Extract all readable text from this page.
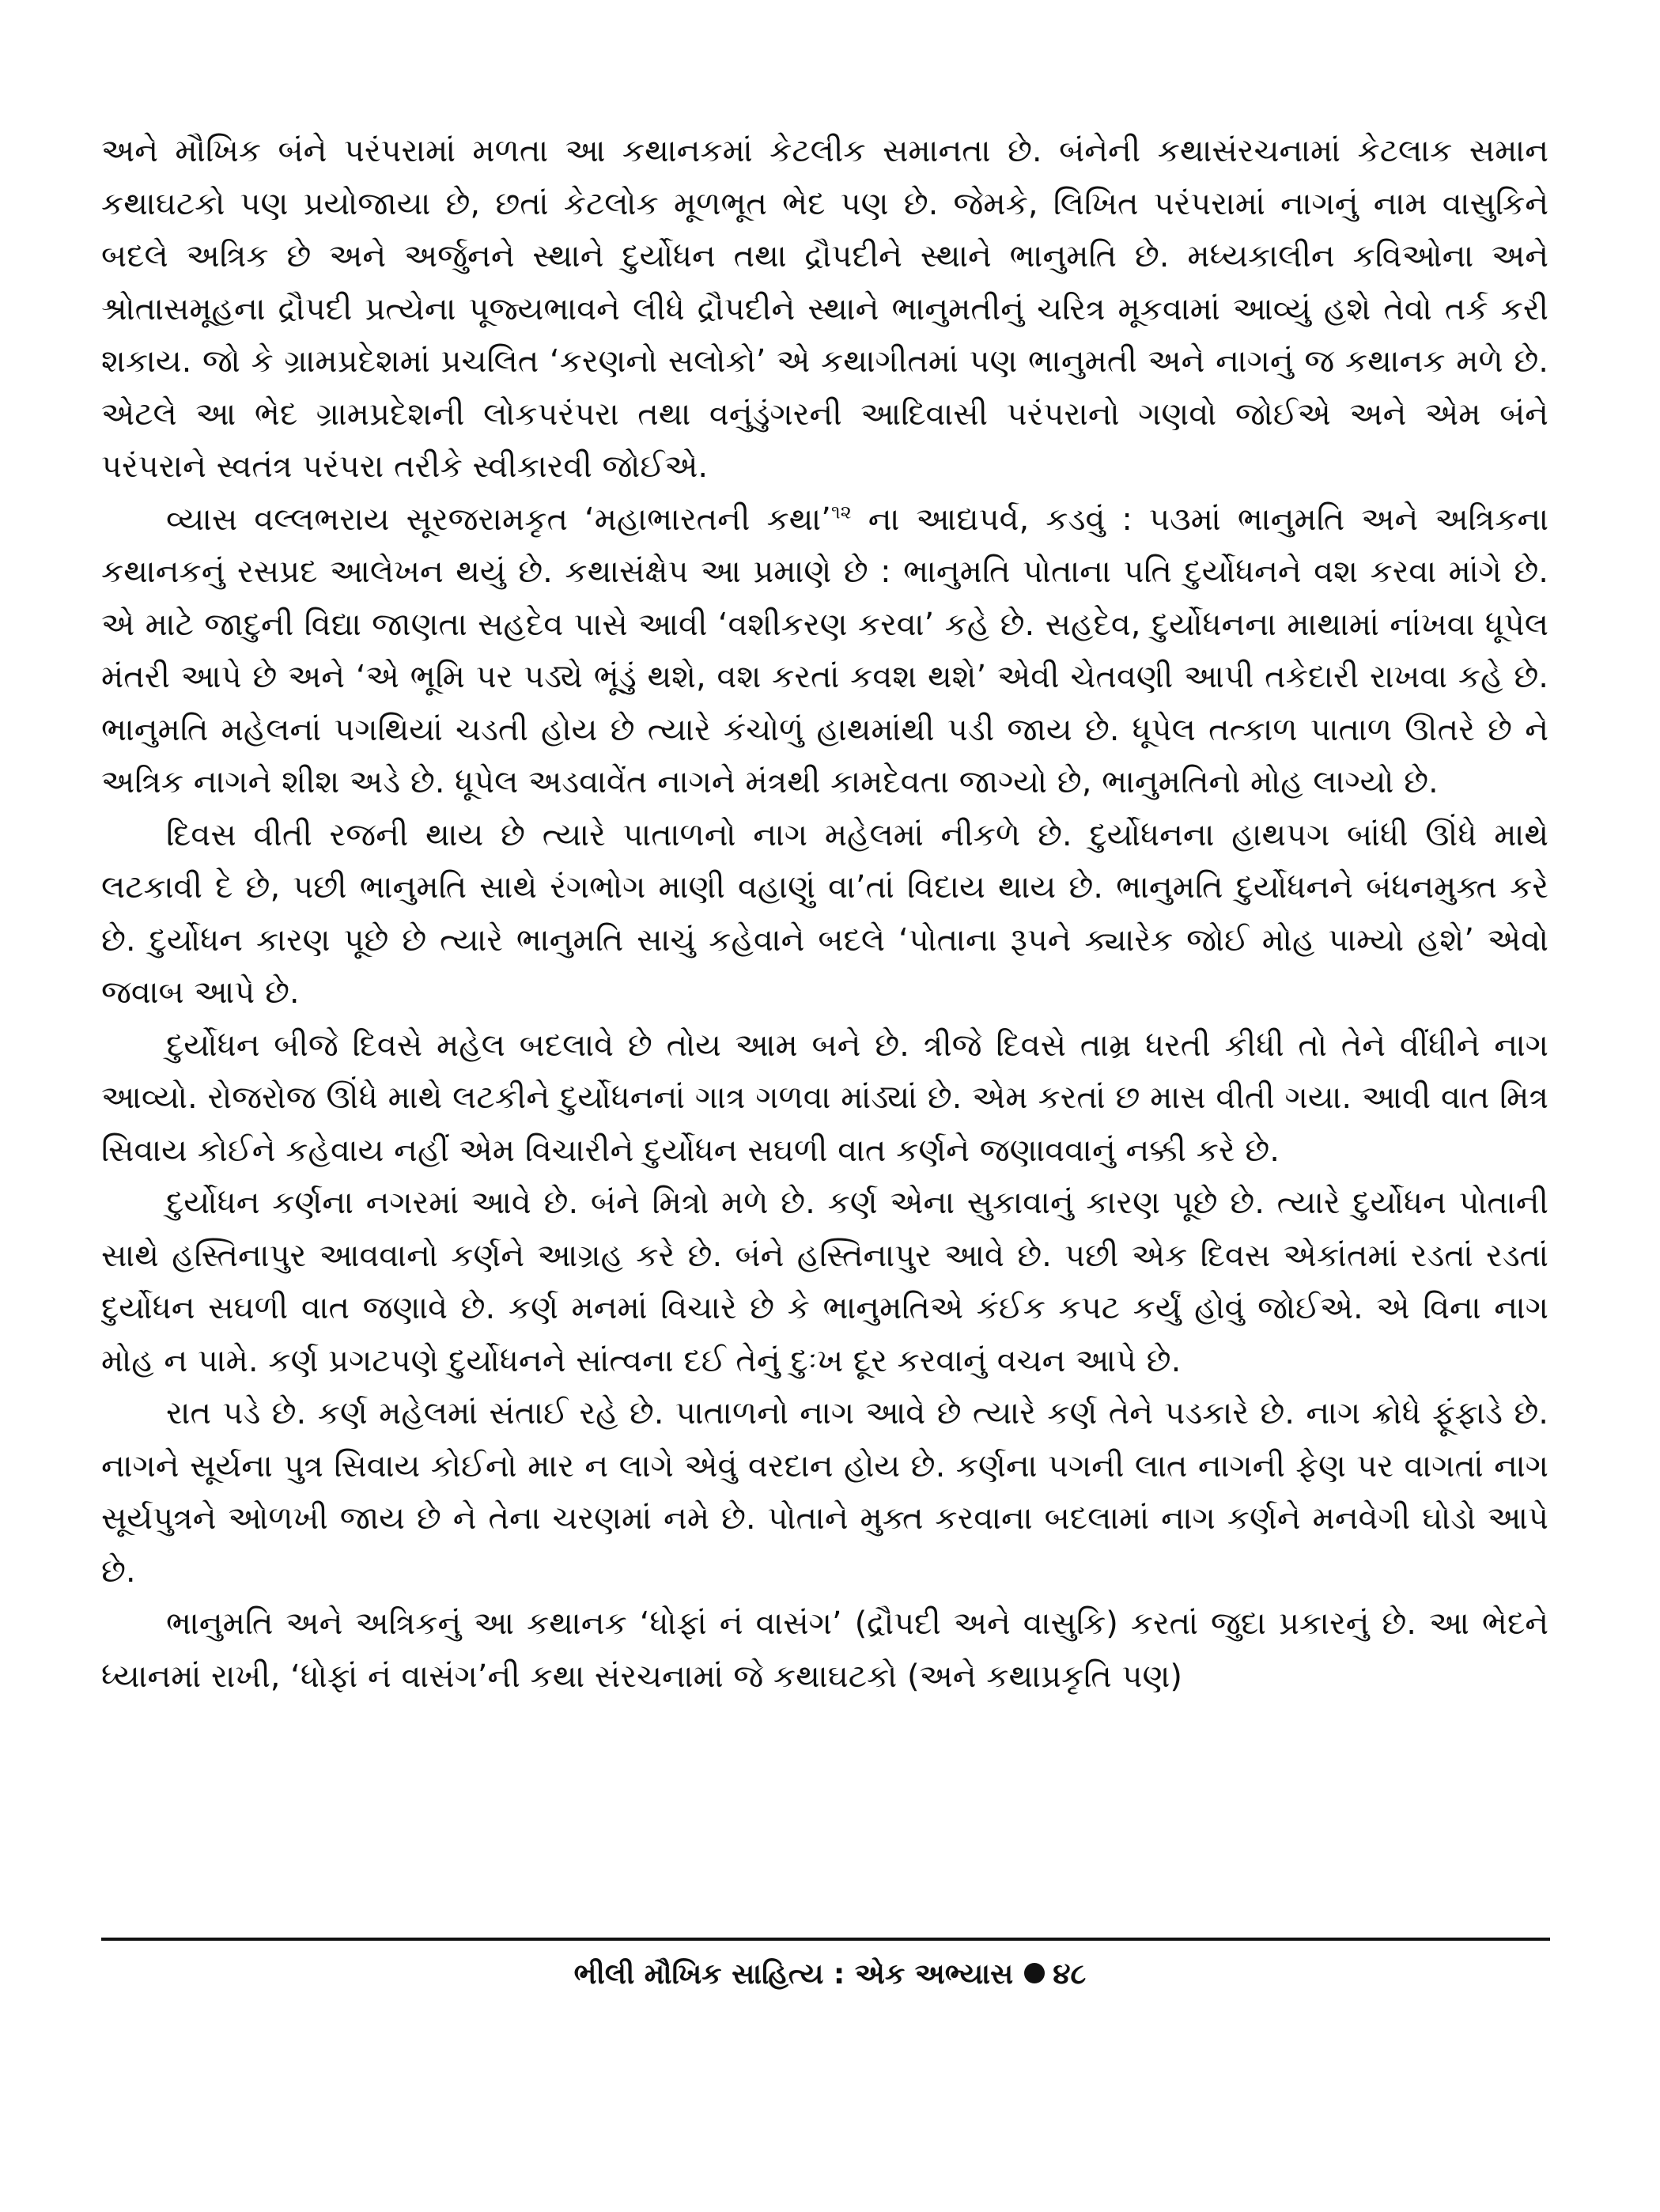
અને મૌખિક બંને પરંપરામાં મળતા આ કથાનકમાં કેટલીક સમાનતા છે. બંનેની કથાસંરચનામાં કેટલાક સમાન કથાઘટકો પણ પ્રયોજાયા છે, છતાં કેટલોક મૂળભૂત ભેદ પણ છે. જેમકે, લિખિત પરંપરામાં નાગનું નામ વાસુકિને બદલે અત્રિક છે અને અર્જુનને સ્થાને દુર્યોધન તથા દ્રૌપદીને સ્થાને ભાનુમતિ છે. મધ્યકાલીન કવિઓના અને શ્રોતાસમૂહના દ્રૌપદી પ્રત્યેના પૂજ્યભાવને લીધે દ્રૌપદીને સ્થાને ભાનુમતીનું ચરિત્ર મૂકવામાં આવ્યું હશે તેવો તર્ક કરી શકાય. જો કે ગ્રામપ્રદેશમાં પ્રચલિત ‘કરણનો સલોકો’ એ કથાગીતમાં પણ ભાનુમતી અને નાગનું જ કથાનક મળે છે. એટલે આ ભેદ ગ્રામપ્રદેશની લોકપરંપરા તથા વનુંડુંગરની આદિવાસી પરંપરાનો ગણવો જોઈએ અને એમ બંને પરંપરાને સ્વતંત્ર પરંપરા તરીકે સ્વીકારવી જોઈએ.

વ્યાસ વલ્લભરાય સૂરજરામકૃત ‘મહાભારતની કથા’$^{૧૨}$ ના આદ્યપર્વ, કડવું : ૫૩માં ભાનુમતિ અને અત્રિકના કથાનકનું રસપ્રદ આલેખન થયું છે. કથાસંક્ષેપ આ પ્રમાણે છે : ભાનુમતિ પોતાના પતિ દુર્યોધનને વશ કરવા માંગે છે. એ માટે જાદુની વિદ્યા જાણતા સહદેવ પાસે આવી ‘વશીકરણ કરવા’ કહે છે. સહદેવ, દુર્યોધનના માથામાં નાંખવા ધૂપેલ મંતરી આપે છે અને ‘એ ભૂમિ પર પડ્યે ભૂંડું થશે, વશ કરતાં કવશ થશે’ એવી ચેતવણી આપી તકેદારી રાખવા કહે છે. ભાનુમતિ મહેલનાં પગથિયાં ચડતી હોય છે ત્યારે કંચોળું હાથમાંથી પડી જાય છે. ધૂપેલ તત્કાળ પાતાળ ઊતરે છે ને અત્રિક નાગને શીશ અડે છે. ધૂપેલ અડવાવેંત નાગને મંત્રથી કામદેવતા જાગ્યો છે, ભાનુમતિનો મોહ લાગ્યો છે.

દિવસ વીતી રજની થાય છે ત્યારે પાતાળનો નાગ મહેલમાં નીકળે છે. દુર્યોધનના હાથપગ બાંધી ઊંધે માથે લટકાવી દે છે, પછી ભાનુમતિ સાથે રંગભોગ માણી વહાણું વા’તાં વિદાય થાય છે. ભાનુમતિ દુર્યોધનને બંધનમુક્ત કરે છે. દુર્યોધન કારણ પૂછે છે ત્યારે ભાનુમતિ સાચું કહેવાને બદલે ‘પોતાના રૂપને ક્યારેક જોઈ મોહ પામ્યો હશે’ એવો જવાબ આપે છે.

દુર્યોધન બીજે દિવસે મહેલ બદલાવે છે તોય આમ બને છે. ત્રીજે દિવસે તામ્ર ધરતી કીધી તો તેને વીંધીને નાગ આવ્યો. રોજરોજ ઊંધે માથે લટકીને દુર્યોધનનાં ગાત્ર ગળવા માંડ્યાં છે. એમ કરતાં છ માસ વીતી ગયા. આવી વાત મિત્ર સિવાય કોઈને કહેવાય નહીં એમ વિચારીને દુર્યોધન સઘળી વાત કર્ણને જણાવવાનું નક્કી કરે છે.

દુર્યોધન કર્ણના નગરમાં આવે છે. બંને મિત્રો મળે છે. કર્ણ એના સુકાવાનું કારણ પૂછે છે. ત્યારે દુર્યોધન પોતાની સાથે હસ્તિનાપુર આવવાનો કર્ણને આગ્રહ કરે છે. બંને હસ્તિનાપુર આવે છે. પછી એક દિવસ એકાંતમાં રડતાં રડતાં દુર્યોધન સઘળી વાત જણાવે છે. કર્ણ મનમાં વિચારે છે કે ભાનુમતિએ કંઈક કપટ કર્યું હોવું જોઈએ. એ વિના નાગ મોહ ન પામે. કર્ણ પ્રગટપણે દુર્યોધનને સાંત્વના દઈ તેનું દુઃખ દૂર કરવાનું વચન આપે છે.

રાત પડે છે. કર્ણ મહેલમાં સંતાઈ રહે છે. પાતાળનો નાગ આવે છે ત્યારે કર્ણ તેને પડકારે છે. નાગ ક્રોધે ફૂંફાડે છે. નાગને સૂર્યના પુત્ર સિવાય કોઈનો માર ન લાગે એવું વરદાન હોય છે. કર્ણના પગની લાત નાગની ફેણ પર વાગતાં નાગ સૂર્યપુત્રને ઓળખી જાય છે ને તેના ચરણમાં નમે છે. પોતાને મુક્ત કરવાના બદલામાં નાગ કર્ણને મનવેગી ઘોડો આપે છે.

ભાનુમતિ અને અત્રિકનું આ કથાનક ‘ધોફાં નં વાસંગ’ (દ્રૌપદી અને વાસુકિ) કરતાં જુદા પ્રકારનું છે. આ ભેદને ધ્યાનમાં રાખી, ‘ધોફાં નં વાસંગ’ની કથા સંરચનામાં જે કથાઘટકો (અને કથાપ્રકૃતિ પણ)

ભીલી મૌખિક સાહિત્ય : એક અભ્યાસ ૪૮
